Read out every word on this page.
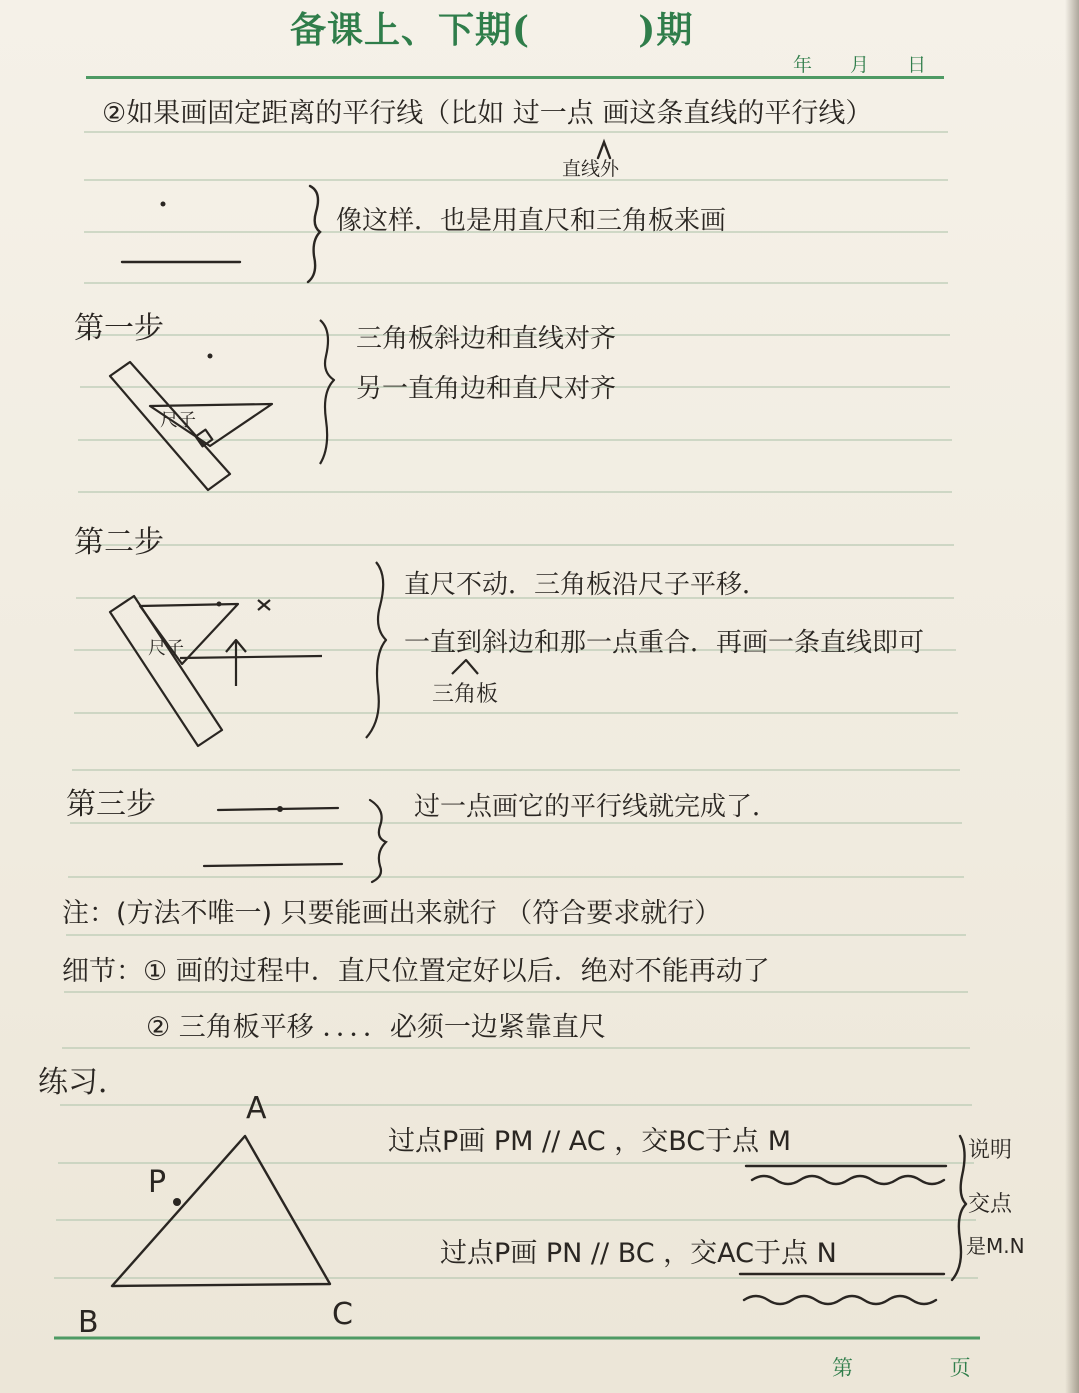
备课上、下期(        )期
年 月 日
②如果画固定距离的平行线（比如 过一点 画这条直线的平行线）
直线外
像这样．也是用直尺和三角板来画
第一步
尺子
三角板斜边和直线对齐
另一直角边和直尺对齐
第二步
尺子
直尺不动．三角板沿尺子平移．
一直到斜边和那一点重合．再画一条直线即可
三角板
第三步	过一点画它的平行线就完成了．
注：(方法不唯一) 只要能画出来就行 （符合要求就行）
细节：① 画的过程中．直尺位置定好以后．绝对不能再动了
② 三角板平移 ．．．．必须一边紧靠直尺
练习．
A
B	C
P
过点P画 PM // AC ，交BC于点 M
过点P画 PN // BC ，交AC于点 N
说明
交点
是M.N
第 页
